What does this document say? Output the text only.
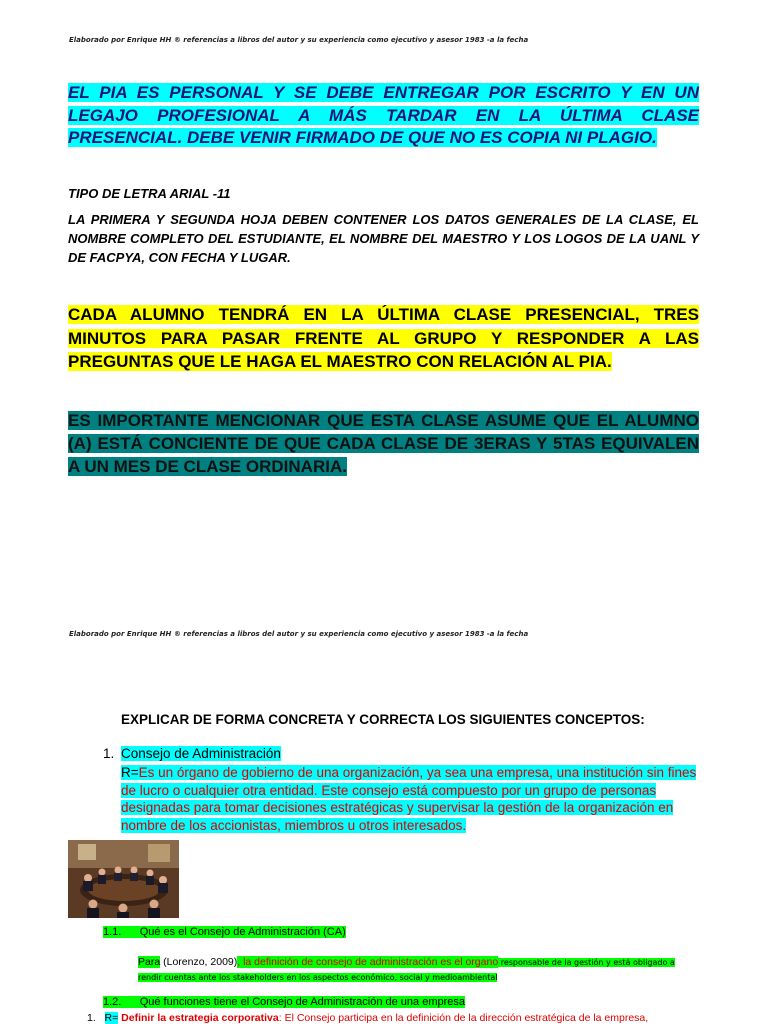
Elaborado por Enrique HH ® referencias a libros del autor y su experiencia como ejecutivo y asesor 1983 -a la fecha
EL PIA ES PERSONAL Y SE DEBE ENTREGAR POR ESCRITO Y EN UN LEGAJO PROFESIONAL A MÁS TARDAR EN LA ÚLTIMA CLASE PRESENCIAL. DEBE VENIR FIRMADO DE QUE NO ES COPIA NI PLAGIO.
TIPO DE LETRA ARIAL -11
LA PRIMERA Y SEGUNDA HOJA DEBEN CONTENER LOS DATOS GENERALES DE LA CLASE, EL NOMBRE COMPLETO DEL ESTUDIANTE, EL NOMBRE DEL MAESTRO Y LOS LOGOS DE LA UANL Y DE FACPYA, CON FECHA Y LUGAR.
CADA ALUMNO TENDRÁ EN LA ÚLTIMA CLASE PRESENCIAL, TRES MINUTOS PARA PASAR FRENTE AL GRUPO Y RESPONDER A LAS PREGUNTAS QUE LE HAGA EL MAESTRO CON RELACIÓN AL PIA.
ES IMPORTANTE MENCIONAR QUE ESTA CLASE ASUME QUE EL ALUMNO (A) ESTÁ CONCIENTE DE QUE CADA CLASE DE 3ERAS Y 5TAS EQUIVALEN A UN MES DE CLASE ORDINARIA.
Elaborado por Enrique HH ® referencias a libros del autor y su experiencia como ejecutivo y asesor 1983 -a la fecha
EXPLICAR DE FORMA CONCRETA Y CORRECTA LOS SIGUIENTES CONCEPTOS:
1. Consejo de Administración
R=Es un órgano de gobierno de una organización, ya sea una empresa, una institución sin fines de lucro o cualquier otra entidad. Este consejo está compuesto por un grupo de personas designadas para tomar decisiones estratégicas y supervisar la gestión de la organización en nombre de los accionistas, miembros u otros interesados.
1.1. Qué es el Consejo de Administración (CA)
Para (Lorenzo, 2009), la definición de consejo de administración es el organo responsable de la gestión y está obligado a rendir cuentas ante los stakeholders en los aspectos económico, social y medioambiental
1.2. Qué funciones tiene el Consejo de Administración de una empresa
1. R= Definir la estrategia corporativa: El Consejo participa en la definición de la dirección estratégica de la empresa,
